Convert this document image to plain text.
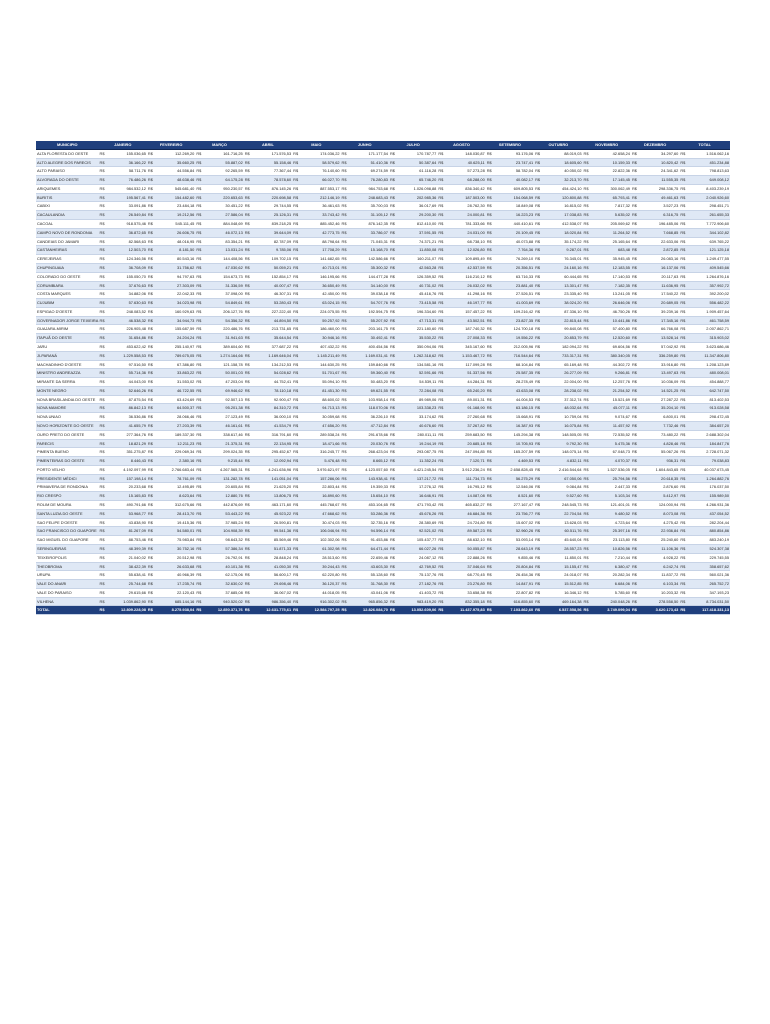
MUNICIPIO	JANEIRO		FEVEREIRO		MARÇO		ABRIL		MAIO		JUNHO		JULHO		AGOSTO		SETEMBRO		OUTUBRO		NOVEMBRO		DEZEMBRO		TOTAL	
ALTA FLORESTA DO OESTE	R$	155.036,65	R$	112.269,20	R$	161.716,25	R$	171.576,53	R$	174.036,22	R$	171.177,54	R$	170.787,77	R$	148.030,87	R$	93.176,06	R$	88.019,03	R$	42.658,24	R$	34.297,60	R$	1.516.062,16
ALTO ALEGRE DOS PARECIS	R$	36.166,22	R$	35.660,25	R$	55.887,02	R$	55.158,46	R$	58.579,62	R$	51.410,36	R$	50.387,64	R$	40.625,11	R$	23.747,41	R$	18.605,60	R$	10.159,33	R$	10.820,42	R$	451.234,88
ALTO PARAISO	R$	58.711,76	R$	44.556,84	R$	92.265,59	R$	77.367,44	R$	76.140,60	R$	69.274,59	R$	61.116,28	R$	57.273,28	R$	58.782,04	R$	40.050,02	R$	22.822,36	R$	24.341,62	R$	798.813,63
ALVORADA DO OESTE	R$	76.486,26	R$	48.638,46	R$	64.175,28	R$	78.578,60	R$	66.027,70	R$	76.280,83	R$	65.746,20	R$	68.288,00	R$	40.082,17	R$	32.213,70	R$	17.145,45	R$	11.555,35	R$	649.008,12
ARIQUEMES	R$	984.532,12	R$	545.681,40	R$	950.230,57	R$	876.145,26	R$	887.553,17	R$	984.753,68	R$	1.026.098,88	R$	836.340,42	R$	609.805,53	R$	454.424,10	R$	300.062,49	R$	298.336,75	R$	8.403.239,19
BURITIS	R$	195.567,41	R$	154.482,60	R$	220.653,63	R$	220.698,58	R$	212.146,19	R$	248.683,43	R$	202.985,36	R$	187.503,00	R$	154.068,59	R$	120.800,88	R$	65.793,41	R$	49.461,63	R$	2.040.926,60
CABIXI	R$	33.091,86	R$	23.484,18	R$	30.451,22	R$	29.744,55	R$	36.461,63	R$	35.700,03	R$	36.017,69	R$	28.762,30	R$	18.849,08	R$	16.815,02	R$	7.817,32	R$	3.527,23	R$	298.451,71
CACAULANDIA	R$	26.549,84	R$	19.212,56	R$	27.586,04	R$	25.126,31	R$	33.743,42	R$	31.105,12	R$	29.200,30	R$	24.000,81	R$	16.223,23	R$	17.038,83	R$	5.635,02	R$	6.316,75	R$	261.655,33
CACOAL	R$	918.575,46	R$	545.111,45	R$	884.048,69	R$	839.218,25	R$	885.452,46	R$	876.142,35	R$	812.410,00	R$	781.333,66	R$	440.410,61	R$	412.538,07	R$	205.069,62	R$	196.485,06	R$	7.772.906,60
CAMPO NOVO DE RONDONIA	R$	36.872,65	R$	26.606,75	R$	46.072,13	R$	39.644,09	R$	42.773,75	R$	33.786,07	R$	37.591,55	R$	24.031,00	R$	20.109,45	R$	18.020,84	R$	11.264,52	R$	7.668,85	R$	344.102,82
CANDEIAS DO JAMARI	R$	82.568,63	R$	48.016,95	R$	83.354,21	R$	82.787,09	R$	88.798,64	R$	71.045,31	R$	74.371,21	R$	68.738,10	R$	40.073,88	R$	35.174,22	R$	25.165,64	R$	22.633,06	R$	639.765,22
CASTANHEIRAS	R$	12.503,70	R$	8.181,50	R$	13.031,24	R$	9.785,06	R$	17.708,29	R$	15.168,70	R$	11.850,08	R$	12.026,80	R$	7.764,36	R$	9.287,01	R$	683,48	R$	2.872,85	R$	121.125,18
CEREJEIRAS	R$	124.346,56	R$	80.543,16	R$	144.408,56	R$	109.702,15	R$	141.682,65	R$	142.586,66	R$	160.211,07	R$	109.895,49	R$	76.269,10	R$	76.345,01	R$	35.945,45	R$	26.083,16	R$	1.249.477,55
CHUPINGUAIA	R$	36.708,09	R$	31.756,62	R$	47.030,62	R$	50.059,21	R$	40.713,01	R$	35.300,32	R$	42.563,28	R$	42.537,59	R$	20.356,51	R$	24.160,16	R$	12.183,55	R$	16.137,06	R$	409.545,66
COLORADO DO OESTE	R$	155.050,70	R$	94.797,63	R$	154.673,73	R$	152.854,17	R$	146.195,66	R$	144.477,28	R$	126.359,52	R$	116.210,12	R$	63.716,33	R$	60.444,65	R$	17.140,53	R$	20.117,63	R$	1.264.876,16
CORUMBIARA	R$	37.676,63	R$	27.303,09	R$	31.336,59	R$	40.007,47	R$	36.650,49	R$	34.140,00	R$	40.731,02	R$	26.032,02	R$	23.881,40	R$	13.301,47	R$	7.182,35	R$	11.636,95	R$	357.992,72
COSTA MARQUES	R$	34.882,06	R$	22.042,33	R$	37.098,00	R$	46.307,31	R$	42.450,00	R$	39.038,18	R$	45.416,76	R$	41.298,16	R$	27.526,51	R$	23.335,40	R$	13.241,05	R$	17.540,22	R$	392.200,02
CUJUBIM	R$	57.630,63	R$	34.023,98	R$	54.849,61	R$	53.280,43	R$	63.024,15	R$	54.707,76	R$	73.415,58	R$	46.197,77	R$	41.003,69	R$	38.024,20	R$	26.646,06	R$	20.689,05	R$	556.482,22
ESPIGAO D'OESTE	R$	248.083,52	R$	160.929,63	R$	206.127,76	R$	227.222,40	R$	224.075,55	R$	192.594,75	R$	196.334,60	R$	157.457,22	R$	109.216,42	R$	87.336,10	R$	46.750,26	R$	39.239,16	R$	1.909.457,64
GOVERNADOR JORGE TEIXEIRA	R$	46.538,32	R$	34.944,73	R$	54.356,32	R$	44.894,50	R$	59.257,92	R$	55.207,92	R$	47.713,31	R$	43.502,51	R$	23.827,35	R$	22.815,44	R$	10.441,86	R$	17.345,16	R$	461.758,59
GUAJARA-MIRIM	R$	226.905,48	R$	155.687,59	R$	220.486,76	R$	213.731,65	R$	186.460,00	R$	203.161,75	R$	221.180,60	R$	187.740,32	R$	124.700,18	R$	99.840,08	R$	57.400,80	R$	66.766,08	R$	2.007.862,71
ITAPUÃ DO OESTE	R$	31.654,86	R$	24.204,24	R$	31.941,63	R$	35.644,54	R$	30.946,16	R$	30.492,41	R$	35.530,22	R$	27.008,33	R$	19.556,22	R$	20.853,79	R$	12.520,60	R$	13.528,14	R$	315.903,02
JARU	R$	453.622,42	R$	255.140,97	R$	389.604,60	R$	377.687,22	R$	407.432,22	R$	400.454,56	R$	350.094,06	R$	345.167,60	R$	212.005,96	R$	182.094,22	R$	69.604,56	R$	57.042,92	R$	3.623.686,46
JI-PARANÁ	R$	1.229.558,53	R$	789.675,05	R$	1.274.164,66	R$	1.169.646,04	R$	1.145.211,49	R$	1.169.031,41	R$	1.262.318,62	R$	1.153.467,72	R$	716.544,64	R$	733.317,31	R$	380.340,05	R$	336.259,80	R$	11.347.806,80
MACHADINHO D'OESTE	R$	97.516,50	R$	67.386,80	R$	121.158,78	R$	134.212,53	R$	144.630,25	R$	159.840,66	R$	134.581,16	R$	117.099,28	R$	68.104,84	R$	65.169,48	R$	44.302,72	R$	33.916,80	R$	1.208.123,89
MINISTRO ANDREAZZA	R$	55.714,36	R$	33.863,22	R$	50.001,03	R$	54.028,62	R$	51.701,67	R$	59.360,40	R$	52.591,66	R$	51.337,56	R$	25.587,35	R$	26.277,09	R$	9.266,81	R$	13.497,63	R$	480.008,01
MIRANTE DA SERRA	R$	44.043,00	R$	31.553,02	R$	47.203,04	R$	44.752,41	R$	55.094,10	R$	50.483,20	R$	54.539,11	R$	44.284,31	R$	28.278,49	R$	22.004,00	R$	12.257,76	R$	10.036,09	R$	454.888,77
MONTE NEGRO	R$	52.646,26	R$	46.722,55	R$	69.946,62	R$	78.110,18	R$	81.451,30	R$	69.621,55	R$	72.284,08	R$	65.240,20	R$	43.633,08	R$	28.238,02	R$	21.254,52	R$	14.521,25	R$	642.747,50
NOVA BRASILANDIA DO OESTE	R$	87.875,54	R$	63.424,69	R$	92.507,13	R$	92.900,47	R$	88.600,02	R$	103.958,14	R$	89.989,06	R$	89.001,31	R$	44.004,53	R$	37.312,74	R$	15.521,69	R$	27.287,22	R$	813.402,53
NOVA MAMORE	R$	86.842,13	R$	64.500,37	R$	95.201,38	R$	84.310,72	R$	94.713,13	R$	118.070,06	R$	103.338,23	R$	91.168,90	R$	63.186,15	R$	48.032,64	R$	45.077,11	R$	35.204,10	R$	913.028,58
NOVA UNIAO	R$	36.536,86	R$	28.066,46	R$	27.123,49	R$	36.000,10	R$	30.059,68	R$	36.226,10	R$	33.174,62	R$	27.260,68	R$	15.668,91	R$	10.759,04	R$	9.074,67	R$	6.800,01	R$	298.472,45
NOVO HORIZONTE DO OESTE	R$	41.655,79	R$	27.203,39	R$	46.161,61	R$	41.534,79	R$	47.656,20	R$	47.712,84	R$	40.676,60	R$	37.267,82	R$	16.387,93	R$	16.075,84	R$	11.457,92	R$	7.732,46	R$	384.657,20
OURO PRETO DO OESTE	R$	277.364,76	R$	189.337,30	R$	338.617,46	R$	316.791,60	R$	289.538,24	R$	291.678,66	R$	280.011,11	R$	259.683,50	R$	145.294,38	R$	148.505,05	R$	72.535,52	R$	73.480,22	R$	2.688.302,04
PARECIS	R$	18.821,29	R$	12.211,23	R$	21.375,31	R$	22.134,95	R$	18.471,66	R$	20.030,76	R$	19.244,19	R$	20.685,18	R$	10.705,93	R$	9.792,30	R$	5.475,36	R$	4.828,46	R$	184.847,76
PIMENTA BUENO	R$	351.275,87	R$	229.069,34	R$	299.024,35	R$	295.452,67	R$	316.245,77	R$	268.423,04	R$	293.087,75	R$	247.094,85	R$	165.207,59	R$	148.075,14	R$	67.048,73	R$	55.067,26	R$	2.728.071,32
PIMENTEIRAS DO OESTE	R$	8.446,43	R$	2.380,16	R$	9.215,44	R$	12.092,94	R$	5.476,48	R$	8.665,12	R$	11.352,24	R$	7.120,71	R$	4.469,53	R$	4.832,11	R$	4.070,37	R$	936,31	R$	79.038,83
PORTO VELHO	R$	4.192.097,99	R$	2.766.683,44	R$	4.267.565,31	R$	4.241.636,96	R$	3.976.621,97	R$	4.123.057,60	R$	4.421.245,54	R$	3.912.236,24	R$	2.658.828,45	R$	2.416.544,64	R$	1.527.536,05	R$	1.604.843,65	R$	40.037.673,45
PRESIDENTE MÉDICI	R$	157.198,14	R$	78.761,09	R$	131.282,78	R$	141.051,04	R$	157.286,06	R$	143.938,41	R$	137.217,72	R$	111.734,73	R$	56.275,29	R$	67.050,06	R$	25.794,56	R$	20.618,35	R$	1.264.882,76
PRIMAVERA DE RONDONIA	R$	20.233,68	R$	12.495,89	R$	20.605,84	R$	21.625,20	R$	22.803,44	R$	19.359,33	R$	17.276,12	R$	16.795,12	R$	12.546,06	R$	9.084,84	R$	2.447,33	R$	2.876,60	R$	176.037,50
RIO CRESPO	R$	15.165,83	R$	8.623,64	R$	12.880,76	R$	13.806,75	R$	16.890,60	R$	15.654,10	R$	16.646,91	R$	14.087,08	R$	8.521,60	R$	9.527,60	R$	5.103,34	R$	5.412,97	R$	155.989,50
ROLIM DE MOURA	R$	490.791,66	R$	312.675,66	R$	442.876,69	R$	463.171,60	R$	445.768,67	R$	453.104,65	R$	471.793,42	R$	465.832,27	R$	277.167,47	R$	248.545,73	R$	121.401,01	R$	124.000,94	R$	4.266.931,36
SANTA LUZIA DO OESTE	R$	53.968,77	R$	28.413,70	R$	53.443,22	R$	45.923,22	R$	47.668,62	R$	53.286,36	R$	45.676,26	R$	46.684,36	R$	23.756,77	R$	22.704,54	R$	9.480,52	R$	8.073,08	R$	437.054,52
SAO FELIPE D'OESTE	R$	43.838,90	R$	19.415,36	R$	37.985,24	R$	26.590,81	R$	30.474,03	R$	32.735,16	R$	28.380,69	R$	24.724,80	R$	15.607,02	R$	13.628,03	R$	4.723,64	R$	4.275,42	R$	282.204,44
SAO FRANCISCO DO GUAPORE	R$	81.267,09	R$	54.580,01	R$	104.908,39	R$	99.541,36	R$	106.046,94	R$	94.596,14	R$	92.521,02	R$	89.587,23	R$	52.960,26	R$	60.511,76	R$	25.397,16	R$	22.936,84	R$	880.854,86
SAO MIGUEL DO GUAPORE	R$	88.753,46	R$	75.983,84	R$	98.643,32	R$	85.569,46	R$	102.302,06	R$	91.453,86	R$	105.437,77	R$	88.632,10	R$	53.093,14	R$	45.640,04	R$	23.113,80	R$	25.240,60	R$	883.240,19
SERINGUEIRAS	R$	48.399,39	R$	30.752,16	R$	57.386,34	R$	51.871,33	R$	61.302,98	R$	64.471,44	R$	66.027,26	R$	50.055,87	R$	28.643,19	R$	28.557,23	R$	10.826,56	R$	11.106,36	R$	524.307,38
TEIXEIROPOLIS	R$	21.040,02	R$	20.512,98	R$	26.792,91	R$	28.848,24	R$	28.513,60	R$	22.659,46	R$	24.087,12	R$	22.888,26	R$	9.855,46	R$	11.850,01	R$	7.210,44	R$	4.928,22	R$	229.745,55
THEOBROMA	R$	38.422,39	R$	26.633,68	R$	40.101,36	R$	41.050,30	R$	39.244,43	R$	43.603,30	R$	42.769,52	R$	37.046,64	R$	20.804,84	R$	15.155,47	R$	6.380,47	R$	6.242,74	R$	358.657,62
URUPA	R$	55.638,41	R$	40.966,39	R$	62.175,06	R$	56.600,17	R$	62.220,80	R$	55.128,60	R$	75.137,76	R$	68.770,45	R$	26.454,36	R$	24.018,07	R$	20.282,34	R$	11.837,72	R$	560.021,36
VALE DO ANARI	R$	25.744,68	R$	17.235,74	R$	32.630,02	R$	29.698,46	R$	36.120,37	R$	31.768,30	R$	27.182,76	R$	23.276,80	R$	14.847,91	R$	15.512,85	R$	6.684,06	R$	6.103,34	R$	265.752,72
VALE DO PARAISO	R$	29.615,66	R$	22.120,43	R$	37.685,08	R$	36.067,02	R$	44.018,05	R$	43.041,06	R$	41.403,72	R$	33.658,38	R$	22.807,82	R$	16.346,12	R$	5.785,60	R$	10.203,32	R$	347.193,23
VILHENA	R$	1.039.862,90	R$	685.144,16	R$	940.520,02	R$	986.356,40	R$	916.302,02	R$	965.856,32	R$	983.419,20	R$	832.355,18	R$	616.855,60	R$	469.164,38	R$	240.048,26	R$	278.558,50	R$	8.734.031,50
TOTAL	R$	12.809.228,08	R$	8.275.938,04	R$	12.850.371,76	R$	12.631.775,61	R$	12.584.797,25	R$	12.826.084,70	R$	13.052.609,06	R$	11.437.975,83	R$	7.103.862,60	R$	6.537.558,56	R$	3.749.099,04	R$	3.620.173,43	R$	117.418.331,13
